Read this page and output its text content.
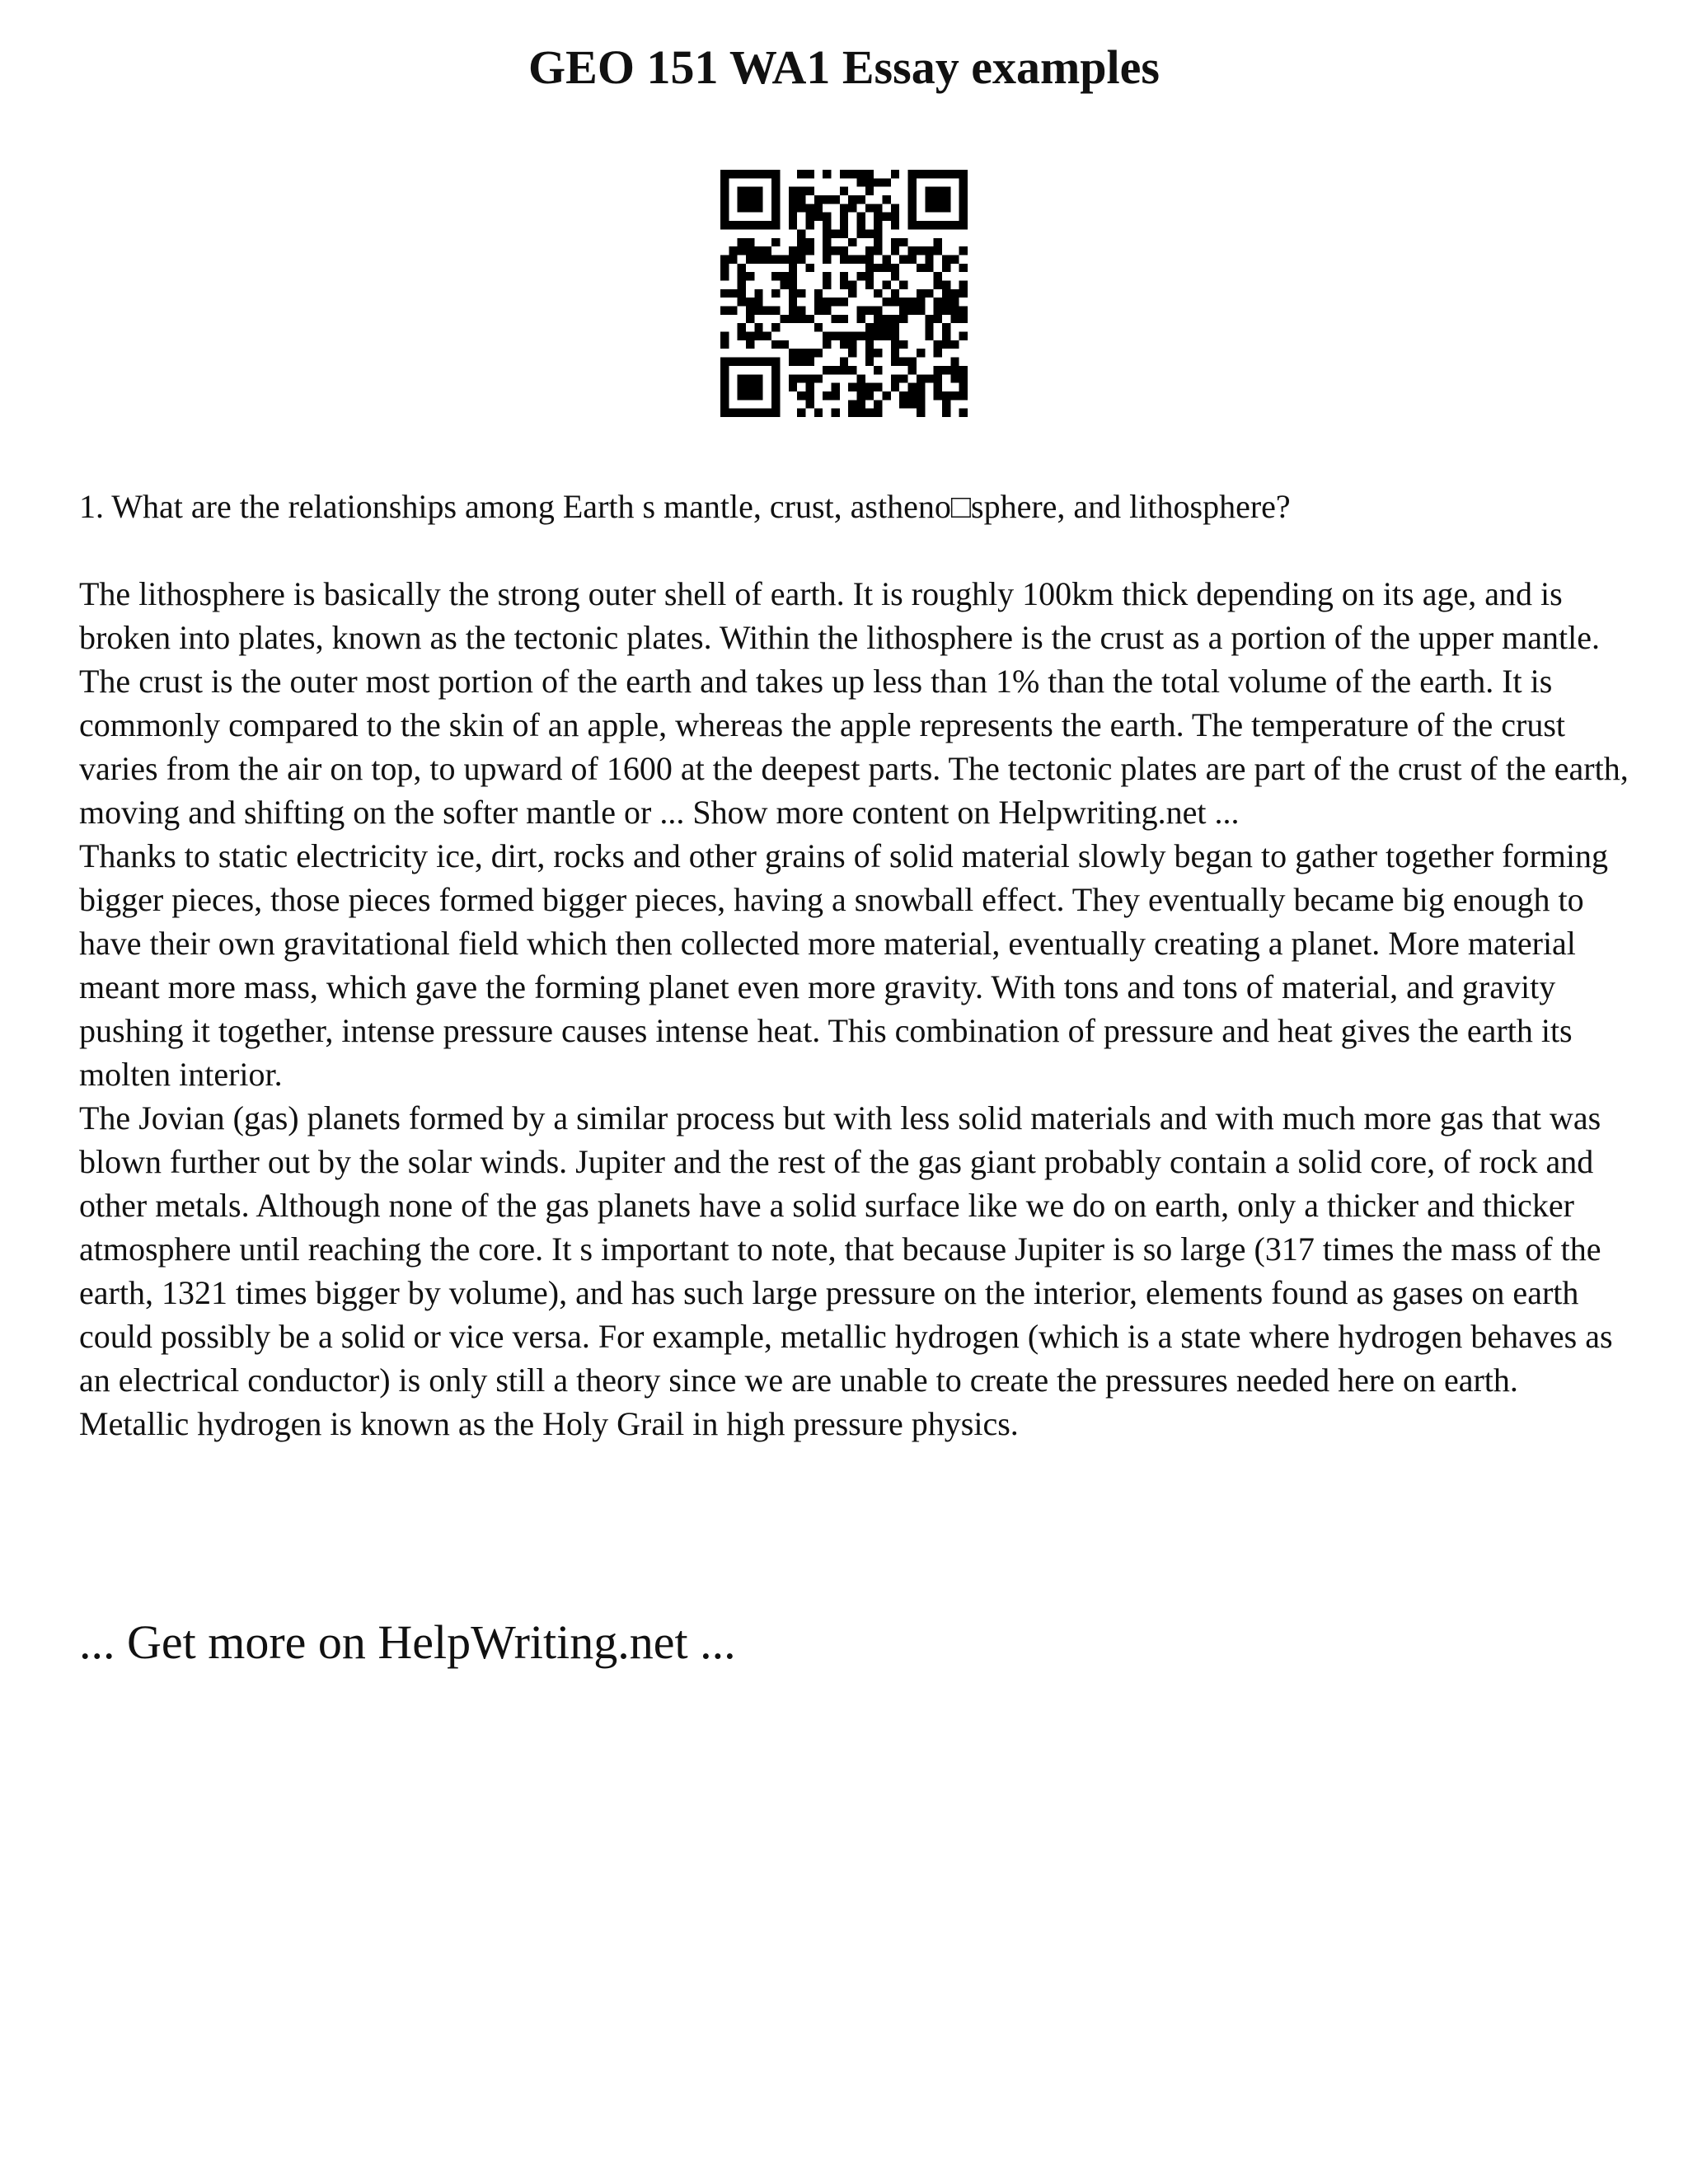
GEO 151 WA1 Essay examples

1. What are the relationships among Earth s mantle, crust, astheno□sphere, and lithosphere?

The lithosphere is basically the strong outer shell of earth. It is roughly 100km thick depending on its age, and is broken into plates, known as the tectonic plates. Within the lithosphere is the crust as a portion of the upper mantle.

The crust is the outer most portion of the earth and takes up less than 1% than the total volume of the earth. It is commonly compared to the skin of an apple, whereas the apple represents the earth. The temperature of the crust varies from the air on top, to upward of 1600 at the deepest parts. The tectonic plates are part of the crust of the earth, moving and shifting on the softer mantle or ... Show more content on Helpwriting.net ...

Thanks to static electricity ice, dirt, rocks and other grains of solid material slowly began to gather together forming bigger pieces, those pieces formed bigger pieces, having a snowball effect. They eventually became big enough to have their own gravitational field which then collected more material, eventually creating a planet. More material meant more mass, which gave the forming planet even more gravity. With tons and tons of material, and gravity pushing it together, intense pressure causes intense heat. This combination of pressure and heat gives the earth its molten interior.

The Jovian (gas) planets formed by a similar process but with less solid materials and with much more gas that was blown further out by the solar winds. Jupiter and the rest of the gas giant probably contain a solid core, of rock and other metals. Although none of the gas planets have a solid surface like we do on earth, only a thicker and thicker atmosphere until reaching the core. It s important to note, that because Jupiter is so large (317 times the mass of the earth, 1321 times bigger by volume), and has such large pressure on the interior, elements found as gases on earth could possibly be a solid or vice versa. For example, metallic hydrogen (which is a state where hydrogen behaves as an electrical conductor) is only still a theory since we are unable to create the pressures needed here on earth. Metallic hydrogen is known as the Holy Grail in high pressure physics.

... Get more on HelpWriting.net ...
